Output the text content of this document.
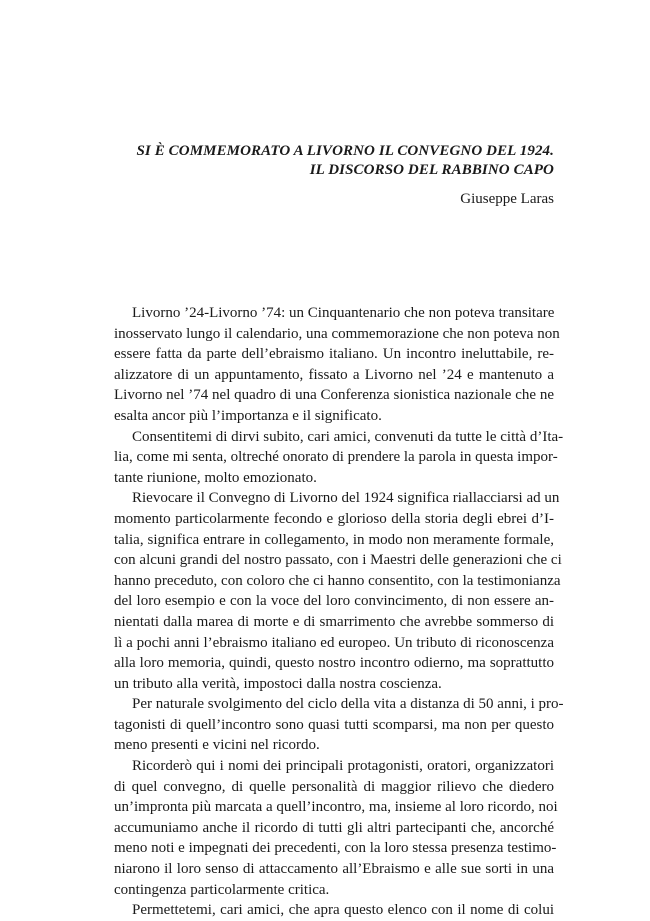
SI È COMMEMORATO A LIVORNO IL CONVEGNO DEL 1924.
IL DISCORSO DEL RABBINO CAPO
Giuseppe Laras
Livorno ’24-Livorno ’74: un Cinquantenario che non poteva transitare
inosservato lungo il calendario, una commemorazione che non poteva non
essere fatta da parte dell’ebraismo italiano. Un incontro ineluttabile, re-
alizzatore di un appuntamento, fissato a Livorno nel ’24 e mantenuto a
Livorno nel ’74 nel quadro di una Conferenza sionistica nazionale che ne
esalta ancor più l’importanza e il significato.
Consentitemi di dirvi subito, cari amici, convenuti da tutte le città d’Ita-
lia, come mi senta, oltreché onorato di prendere la parola in questa impor-
tante riunione, molto emozionato.
Rievocare il Convegno di Livorno del 1924 significa riallacciarsi ad un
momento particolarmente fecondo e glorioso della storia degli ebrei d’I-
talia, significa entrare in collegamento, in modo non meramente formale,
con alcuni grandi del nostro passato, con i Maestri delle generazioni che ci
hanno preceduto, con coloro che ci hanno consentito, con la testimonianza
del loro esempio e con la voce del loro convincimento, di non essere an-
nientati dalla marea di morte e di smarrimento che avrebbe sommerso di
lì a pochi anni l’ebraismo italiano ed europeo. Un tributo di riconoscenza
alla loro memoria, quindi, questo nostro incontro odierno, ma soprattutto
un tributo alla verità, impostoci dalla nostra coscienza.
Per naturale svolgimento del ciclo della vita a distanza di 50 anni, i pro-
tagonisti di quell’incontro sono quasi tutti scomparsi, ma non per questo
meno presenti e vicini nel ricordo.
Ricorderò qui i nomi dei principali protagonisti, oratori, organizzatori
di quel convegno, di quelle personalità di maggior rilievo che diedero
un’impronta più marcata a quell’incontro, ma, insieme al loro ricordo, noi
accumuniamo anche il ricordo di tutti gli altri partecipanti che, ancorché
meno noti e impegnati dei precedenti, con la loro stessa presenza testimo-
niarono il loro senso di attaccamento all’Ebraismo e alle sue sorti in una
contingenza particolarmente critica.
Permettetemi, cari amici, che apra questo elenco con il nome di colui
